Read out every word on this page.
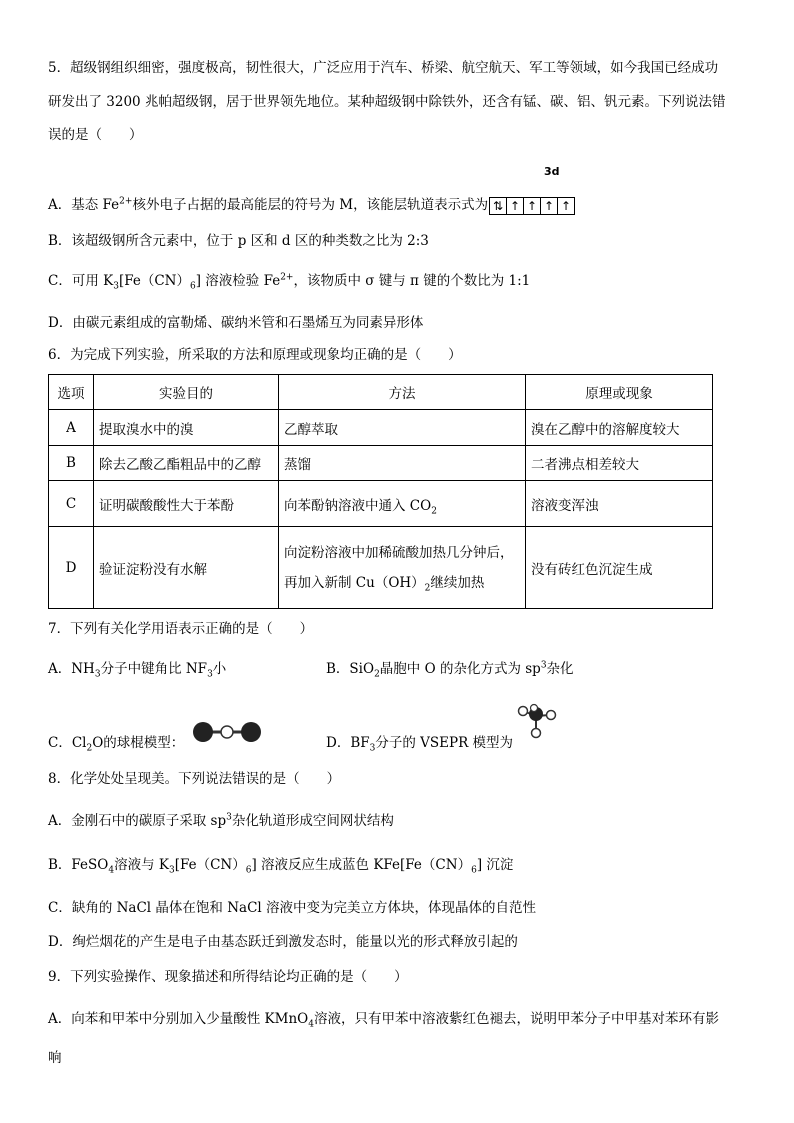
5．超级钢组织细密，强度极高，韧性很大，广泛应用于汽车、桥梁、航空航天、军工等领域，如今我国已经成功
研发出了 3200 兆帕超级钢，居于世界领先地位。某种超级钢中除铁外，还含有锰、碳、铝、钒元素。下列说法错
误的是（　　）
3d
A．基态 $Fe^{2+}$核外电子占据的最高能层的符号为 M，该能层轨道表示式为 ⇅ ↑ ↑ ↑ ↑
B．该超级钢所含元素中，位于 p 区和 d 区的种类数之比为 2:3
C．可用 $K_3[Fe(CN)_6]$ 溶液检验 $Fe^{2+}$，该物质中 σ 键与 π 键的个数比为 1:1
D．由碳元素组成的富勒烯、碳纳米管和石墨烯互为同素异形体
6．为完成下列实验，所采取的方法和原理或现象均正确的是（　　）
选项	实验目的	方法	原理或现象
A	提取溴水中的溴	乙醇萃取	溴在乙醇中的溶解度较大
B	除去乙酸乙酯粗品中的乙醇	蒸馏	二者沸点相差较大
C	证明碳酸酸性大于苯酚	向苯酚钠溶液中通入 $CO_2$	溶液变浑浊
D	验证淀粉没有水解	向淀粉溶液中加稀硫酸加热几分钟后，
再加入新制 $Cu(OH)_2$继续加热	没有砖红色沉淀生成
7．下列有关化学用语表示正确的是（　　）
A．$NH_3$分子中键角比 $NF_3$小	B．SiO$_2$晶胞中 O 的杂化方式为 $sp^3$杂化
C．$Cl_2O$的球棍模型：	D．$BF_3$分子的 VSEPR 模型为
8．化学处处呈现美。下列说法错误的是（　　）
A．金刚石中的碳原子采取 $sp^3$杂化轨道形成空间网状结构
B．FeSO$_4$溶液与 $K_3[Fe(CN)_6]$ 溶液反应生成蓝色 $KFe[Fe(CN)_6]$ 沉淀
C．缺角的 NaCl 晶体在饱和 NaCl 溶液中变为完美立方体块，体现晶体的自范性
D．绚烂烟花的产生是电子由基态跃迁到激发态时，能量以光的形式释放引起的
9．下列实验操作、现象描述和所得结论均正确的是（　　）
A．向苯和甲苯中分别加入少量酸性 KMnO$_4$溶液，只有甲苯中溶液紫红色褪去，说明甲苯分子中甲基对苯环有影
响
